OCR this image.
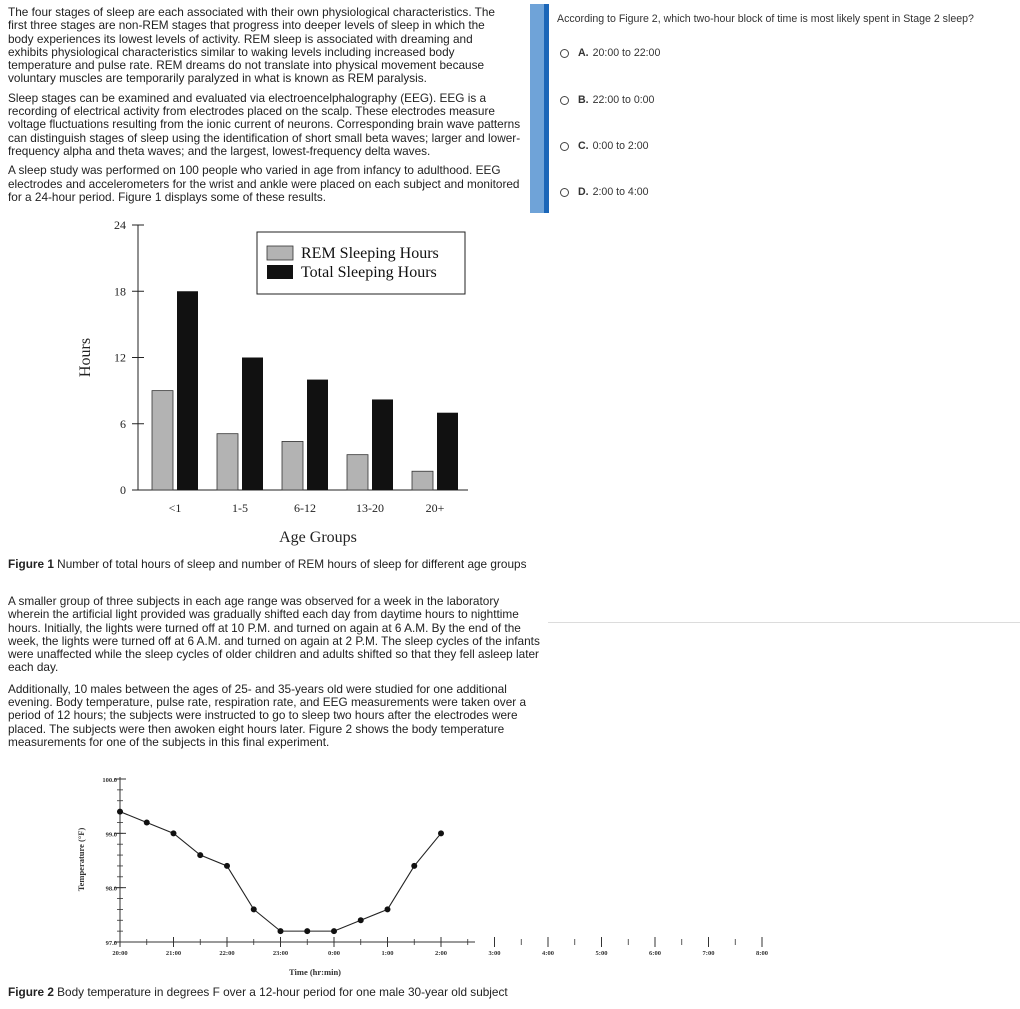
The four stages of sleep are each associated with their own physiological characteristics. The first three stages are non-REM stages that progress into deeper levels of sleep in which the body experiences its lowest levels of activity. REM sleep is associated with dreaming and exhibits physiological characteristics similar to waking levels including increased body temperature and pulse rate. REM dreams do not translate into physical movement because voluntary muscles are temporarily paralyzed in what is known as REM paralysis.

Sleep stages can be examined and evaluated via electroencelphalography (EEG). EEG is a recording of electrical activity from electrodes placed on the scalp. These electrodes measure voltage fluctuations resulting from the ionic current of neurons. Corresponding brain wave patterns can distinguish stages of sleep using the identification of short small beta waves; larger and lower-frequency alpha and theta waves; and the largest, lowest-frequency delta waves.

A sleep study was performed on 100 people who varied in age from infancy to adulthood. EEG electrodes and accelerometers for the wrist and ankle were placed on each subject and monitored for a 24-hour period. Figure 1 displays some of these results.

0
6
12
18
24
Hours
Age Groups
<1	1-5	6-12	13-20	20+
REM Sleeping Hours
Total Sleeping Hours
Figure 1 Number of total hours of sleep and number of REM hours of sleep for different age groups

A smaller group of three subjects in each age range was observed for a week in the laboratory wherein the artificial light provided was gradually shifted each day from daytime hours to nighttime hours. Initially, the lights were turned off at 10 P.M. and turned on again at 6 A.M. By the end of the week, the lights were turned off at 6 A.M. and turned on again at 2 P.M. The sleep cycles of the infants were unaffected while the sleep cycles of older children and adults shifted so that they fell asleep later each day.

Additionally, 10 males between the ages of 25- and 35-years old were studied for one additional evening. Body temperature, pulse rate, respiration rate, and EEG measurements were taken over a period of 12 hours; the subjects were instructed to go to sleep two hours after the electrodes were placed. The subjects were then awoken eight hours later. Figure 2 shows the body temperature measurements for one of the subjects in this final experiment.

97.0
98.0
99.0
100.0
Temperature (°F)
20:00	21:00	22:00	23:00	0:00	1:00	2:00	3:00	4:00	5:00	6:00	7:00	8:00
Time (hr:min)
Figure 2 Body temperature in degrees F over a 12-hour period for one male 30-year old subject
According to Figure 2, which two-hour block of time is most likely spent in Stage 2 sleep?
A. 20:00 to 22:00
B. 22:00 to 0:00
C. 0:00 to 2:00
D. 2:00 to 4:00
